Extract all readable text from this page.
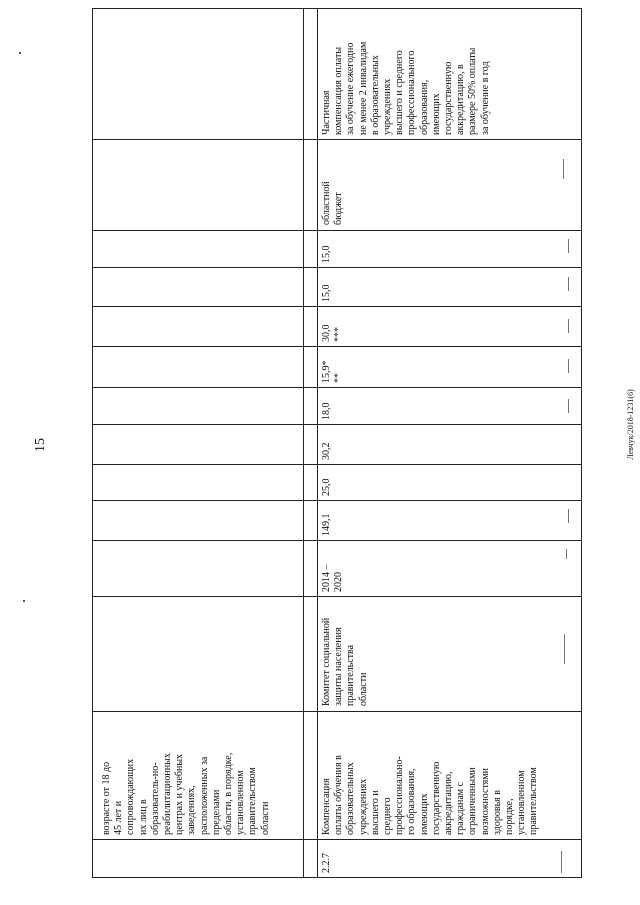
15	Левчук/2018-1231(6)
возрасте от 18 до
45 лет и
сопровождающих
их лиц в
образователь-но-
реабилитационных
центрах и учебных
заведениях,
расположенных за
пределами
области, в порядке,
установленном
правительством
области
2.2.7
Компенсация
оплаты обучения в
образовательных
учреждениях
высшего и
среднего
профессионально-
го образования,
имеющих
государственную
аккредитацию,
гражданам с
ограниченными
возможностями
здоровья в
порядке,
установленном
правительством
Комитет социальной
защиты населения
правительства
области
2014 –
2020
149,1
25,0
30,2
18,0
15,9*
**
30,0
***
15,0
15,0
областной
бюджет
Частичная
компенсация оплаты
за обучение ежегодно
не менее 2 инвалидам
в образовательных
учреждениях
высшего и среднего
профессионального
образования,
имеющих
государственную
аккредитацию, в
размере 50% оплаты
за обучение в год
